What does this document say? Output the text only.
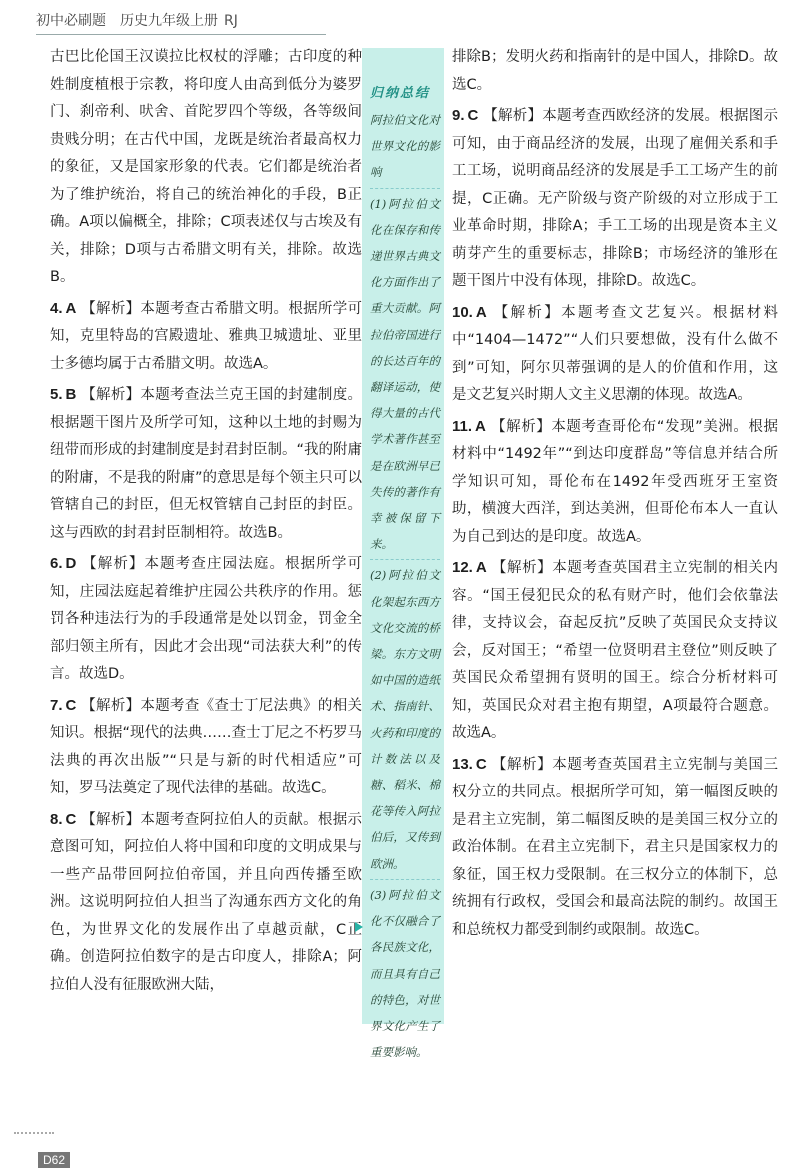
初中必刷题　历史九年级上册 RJ

古巴比伦国王汉谟拉比权杖的浮雕；古印度的种姓制度植根于宗教，将印度人由高到低分为婆罗门、刹帝利、吠舍、首陀罗四个等级，各等级间贵贱分明；在古代中国，龙既是统治者最高权力的象征，又是国家形象的代表。它们都是统治者为了维护统治，将自己的统治神化的手段，B正确。A项以偏概全，排除；C项表述仅与古埃及有关，排除；D项与古希腊文明有关，排除。故选B。

4. A 【解析】本题考查古希腊文明。根据所学可知，克里特岛的宫殿遗址、雅典卫城遗址、亚里士多德均属于古希腊文明。故选A。

5. B 【解析】本题考查法兰克王国的封建制度。根据题干图片及所学可知，这种以土地的封赐为纽带而形成的封建制度是封君封臣制。“我的附庸的附庸，不是我的附庸”的意思是每个领主只可以管辖自己的封臣，但无权管辖自己封臣的封臣。这与西欧的封君封臣制相符。故选B。

6. D 【解析】本题考查庄园法庭。根据所学可知，庄园法庭起着维护庄园公共秩序的作用。惩罚各种违法行为的手段通常是处以罚金，罚金全部归领主所有，因此才会出现“司法获大利”的传言。故选D。

7. C 【解析】本题考查《查士丁尼法典》的相关知识。根据“现代的法典……查士丁尼之不朽罗马法典的再次出版”“只是与新的时代相适应”可知，罗马法奠定了现代法律的基础。故选C。

8. C 【解析】本题考查阿拉伯人的贡献。根据示意图可知，阿拉伯人将中国和印度的文明成果与一些产品带回阿拉伯帝国，并且向西传播至欧洲。这说明阿拉伯人担当了沟通东西方文化的角色，为世界文化的发展作出了卓越贡献，C正确。创造阿拉伯数字的是古印度人，排除A；阿拉伯人没有征服欧洲大陆，

归纳总结

阿拉伯文化对世界文化的影响

(1)阿拉伯文化在保存和传递世界古典文化方面作出了重大贡献。阿拉伯帝国进行的长达百年的翻译运动，使得大量的古代学术著作甚至是在欧洲早已失传的著作有幸被保留下来。

(2)阿拉伯文化架起东西方文化交流的桥梁。东方文明如中国的造纸术、指南针、火药和印度的计数法以及糖、稻米、棉花等传入阿拉伯后，又传到欧洲。

(3)阿拉伯文化不仅融合了各民族文化，而且具有自己的特色，对世界文化产生了重要影响。

排除B；发明火药和指南针的是中国人，排除D。故选C。

9. C 【解析】本题考查西欧经济的发展。根据图示可知，由于商品经济的发展，出现了雇佣关系和手工工场，说明商品经济的发展是手工工场产生的前提，C正确。无产阶级与资产阶级的对立形成于工业革命时期，排除A；手工工场的出现是资本主义萌芽产生的重要标志，排除B；市场经济的雏形在题干图片中没有体现，排除D。故选C。

10. A 【解析】本题考查文艺复兴。根据材料中“1404—1472”“人们只要想做，没有什么做不到”可知，阿尔贝蒂强调的是人的价值和作用，这是文艺复兴时期人文主义思潮的体现。故选A。

11. A 【解析】本题考查哥伦布“发现”美洲。根据材料中“1492年”“到达印度群岛”等信息并结合所学知识可知，哥伦布在1492年受西班牙王室资助，横渡大西洋，到达美洲，但哥伦布本人一直认为自己到达的是印度。故选A。

12. A 【解析】本题考查英国君主立宪制的相关内容。“国王侵犯民众的私有财产时，他们会依靠法律，支持议会，奋起反抗”反映了英国民众支持议会，反对国王；“希望一位贤明君主登位”则反映了英国民众希望拥有贤明的国王。综合分析材料可知，英国民众对君主抱有期望，A项最符合题意。故选A。

13. C 【解析】本题考查英国君主立宪制与美国三权分立的共同点。根据所学可知，第一幅图反映的是君主立宪制，第二幅图反映的是美国三权分立的政治体制。在君主立宪制下，君主只是国家权力的象征，国王权力受限制。在三权分立的体制下，总统拥有行政权，受国会和最高法院的制约。故国王和总统权力都受到制约或限制。故选C。

D62
